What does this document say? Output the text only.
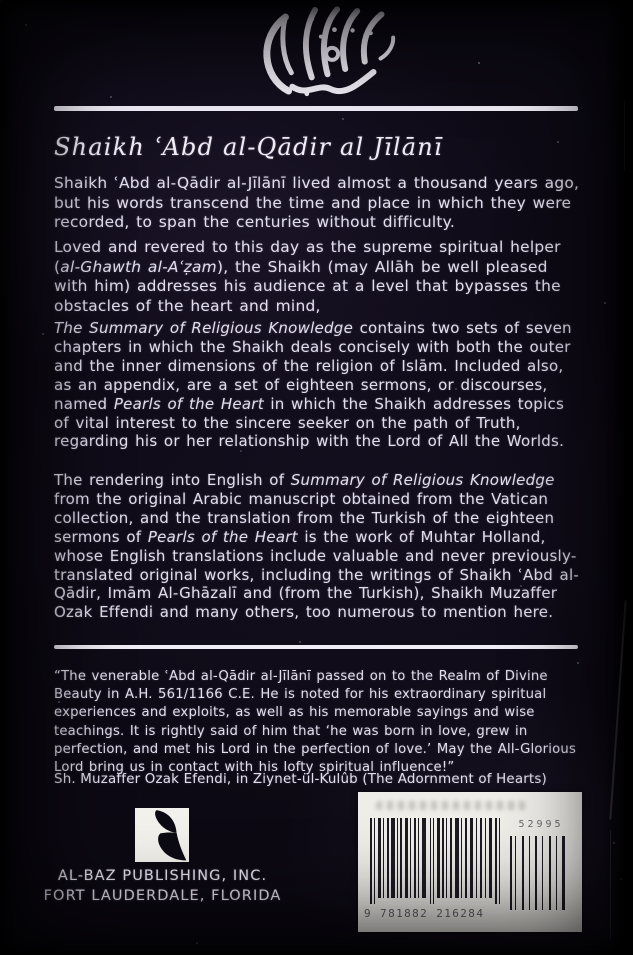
Shaikh ʿAbd al-Qādir al Jīlānī

Shaikh ʿAbd al-Qādir al-Jīlānī lived almost a thousand years ago, but his words transcend the time and place in which they were recorded, to span the centuries without difficulty.

Loved and revered to this day as the supreme spiritual helper (al-Ghawth al-Aʿẓam), the Shaikh (may Allāh be well pleased with him) addresses his audience at a level that bypasses the obstacles of the heart and mind,

The Summary of Religious Knowledge contains two sets of seven chapters in which the Shaikh deals concisely with both the outer and the inner dimensions of the religion of Islām. Included also, as an appendix, are a set of eighteen sermons, or discourses, named Pearls of the Heart in which the Shaikh addresses topics of vital interest to the sincere seeker on the path of Truth, regarding his or her relationship with the Lord of All the Worlds.

The rendering into English of Summary of Religious Knowledge from the original Arabic manuscript obtained from the Vatican collection, and the translation from the Turkish of the eighteen sermons of Pearls of the Heart is the work of Muhtar Holland, whose English translations include valuable and never previously-translated original works, including the writings of Shaikh ʿAbd al-Qādir, Imām Al-Ghāzalī and (from the Turkish), Shaikh Muzaffer Ozak Effendi and many others, too numerous to mention here.

“The venerable ʿAbd al-Qādir al-Jīlānī passed on to the Realm of Divine Beauty in A.H. 561/1166 C.E. He is noted for his extraordinary spiritual experiences and exploits, as well as his memorable sayings and wise teachings. It is rightly said of him that ‘he was born in love, grew in perfection, and met his Lord in the perfection of love.’ May the All-Glorious Lord bring us in contact with his lofty spiritual influence!”

Sh. Muzaffer Ozak Efendi, in Ziynet-ül-Kulûb (The Adornment of Hearts)

AL-BAZ PUBLISHING, INC.

FORT LAUDERDALE, FLORIDA

9 781882 216284

52995
